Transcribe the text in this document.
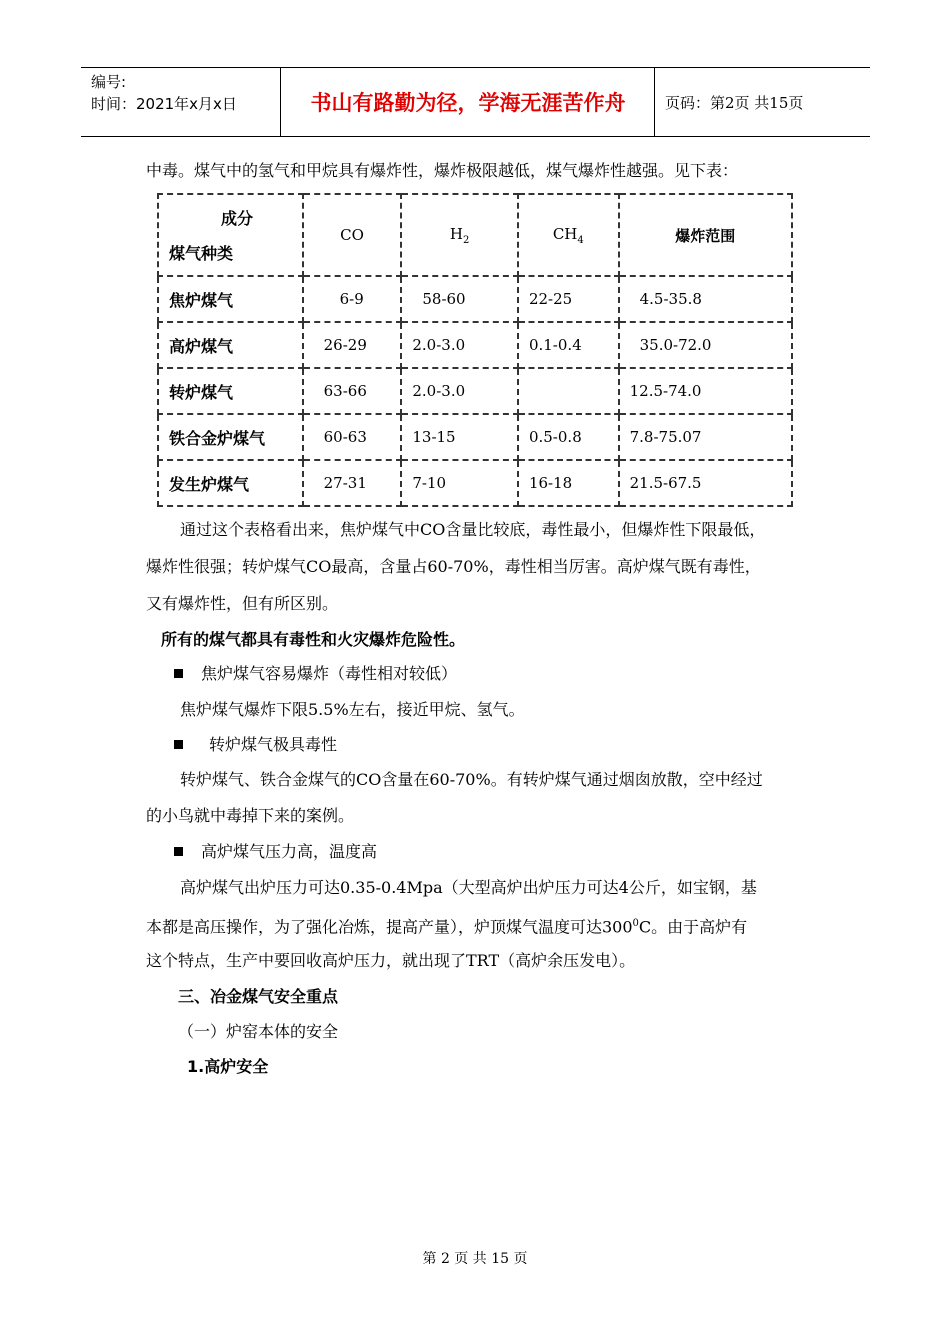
编号:
时间：2021年x月x日	书山有路勤为径，学海无涯苦作舟	页码：第2页 共15页
中毒。煤气中的氢气和甲烷具有爆炸性，爆炸极限越低，煤气爆炸性越强。见下表：
成分
煤气种类	CO	$H_2$	$CH_4$	爆炸范围
焦炉煤气	6-9	58-60	22-25	4.5-35.8
高炉煤气	26-29	2.0-3.0	0.1-0.4	35.0-72.0
转炉煤气	63-66	2.0-3.0		12.5-74.0
铁合金炉煤气	60-63	13-15	0.5-0.8	7.8-75.07
发生炉煤气	27-31	7-10	16-18	21.5-67.5
通过这个表格看出来，焦炉煤气中CO含量比较底，毒性最小，但爆炸性下限最低，
爆炸性很强；转炉煤气CO最高，含量占60-70%，毒性相当厉害。高炉煤气既有毒性，
又有爆炸性，但有所区别。
所有的煤气都具有毒性和火灾爆炸危险性。
焦炉煤气容易爆炸（毒性相对较低）
焦炉煤气爆炸下限5.5%左右，接近甲烷、氢气。
转炉煤气极具毒性
转炉煤气、铁合金煤气的CO含量在60-70%。有转炉煤气通过烟囱放散，空中经过
的小鸟就中毒掉下来的案例。
高炉煤气压力高，温度高
高炉煤气出炉压力可达0.35-0.4Mpa（大型高炉出炉压力可达4公斤，如宝钢，基
本都是高压操作，为了强化冶炼，提高产量），炉顶煤气温度可达$300^0C$。由于高炉有
这个特点，生产中要回收高炉压力，就出现了TRT（高炉余压发电）。
三、冶金煤气安全重点
（一）炉窑本体的安全
1.高炉安全
第 2 页 共 15 页
